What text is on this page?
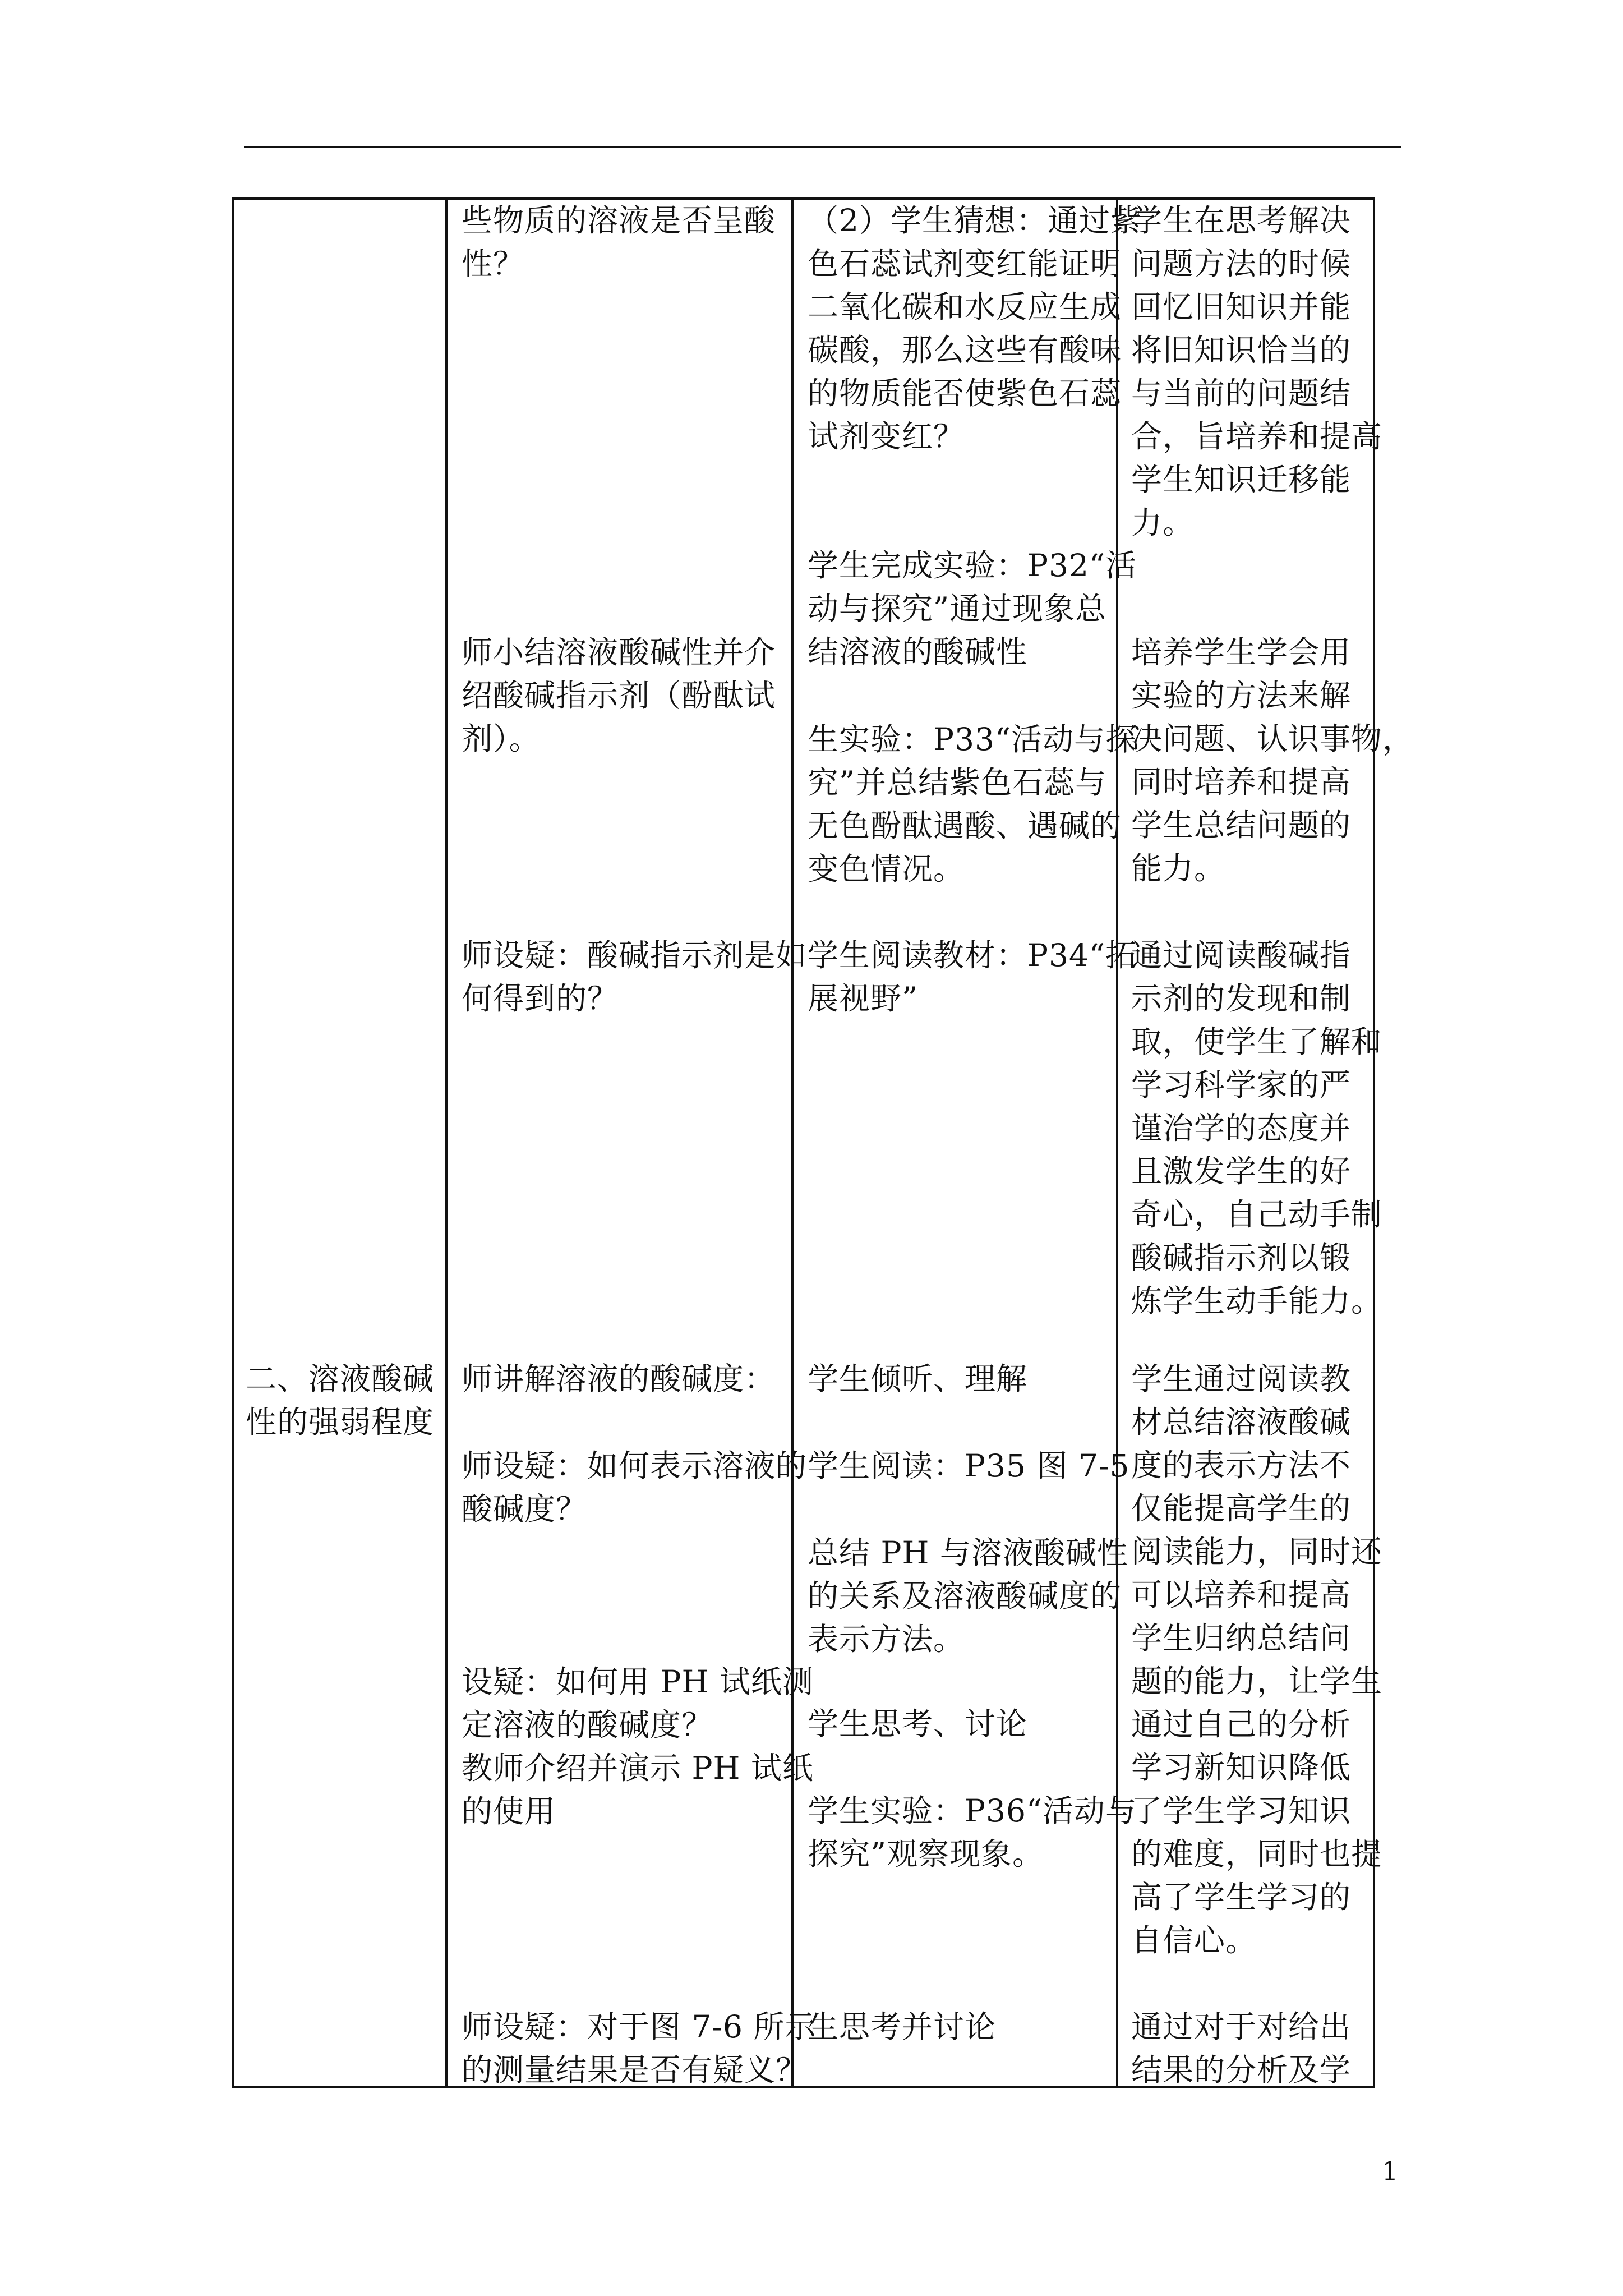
二、溶液酸碱
性的强弱程度
些物质的溶液是否呈酸
性？
师小结溶液酸碱性并介
绍酸碱指示剂（酚酞试
剂）。
师设疑：酸碱指示剂是如
何得到的？
师讲解溶液的酸碱度：
师设疑：如何表示溶液的
酸碱度？
设疑：如何用 PH 试纸测
定溶液的酸碱度？
教师介绍并演示 PH 试纸
的使用
师设疑：对于图 7-6 所示
的测量结果是否有疑义？
（2）学生猜想：通过紫
色石蕊试剂变红能证明
二氧化碳和水反应生成
碳酸，那么这些有酸味
的物质能否使紫色石蕊
试剂变红？
学生完成实验：P32“活
动与探究”通过现象总
结溶液的酸碱性
生实验：P33“活动与探
究”并总结紫色石蕊与
无色酚酞遇酸、遇碱的
变色情况。
学生阅读教材：P34“拓
展视野”
学生倾听、理解
学生阅读：P35 图 7-5
总结 PH 与溶液酸碱性
的关系及溶液酸碱度的
表示方法。
学生思考、讨论
学生实验：P36“活动与
探究”观察现象。
生思考并讨论
学生在思考解决
问题方法的时候
回忆旧知识并能
将旧知识恰当的
与当前的问题结
合，旨培养和提高
学生知识迁移能
力。
培养学生学会用
实验的方法来解
决问题、认识事物，
同时培养和提高
学生总结问题的
能力。
通过阅读酸碱指
示剂的发现和制
取，使学生了解和
学习科学家的严
谨治学的态度并
且激发学生的好
奇心，自己动手制
酸碱指示剂以锻
炼学生动手能力。
学生通过阅读教
材总结溶液酸碱
度的表示方法不
仅能提高学生的
阅读能力，同时还
可以培养和提高
学生归纳总结问
题的能力，让学生
通过自己的分析
学习新知识降低
了学生学习知识
的难度，同时也提
高了学生学习的
自信心。
通过对于对给出
结果的分析及学
1
